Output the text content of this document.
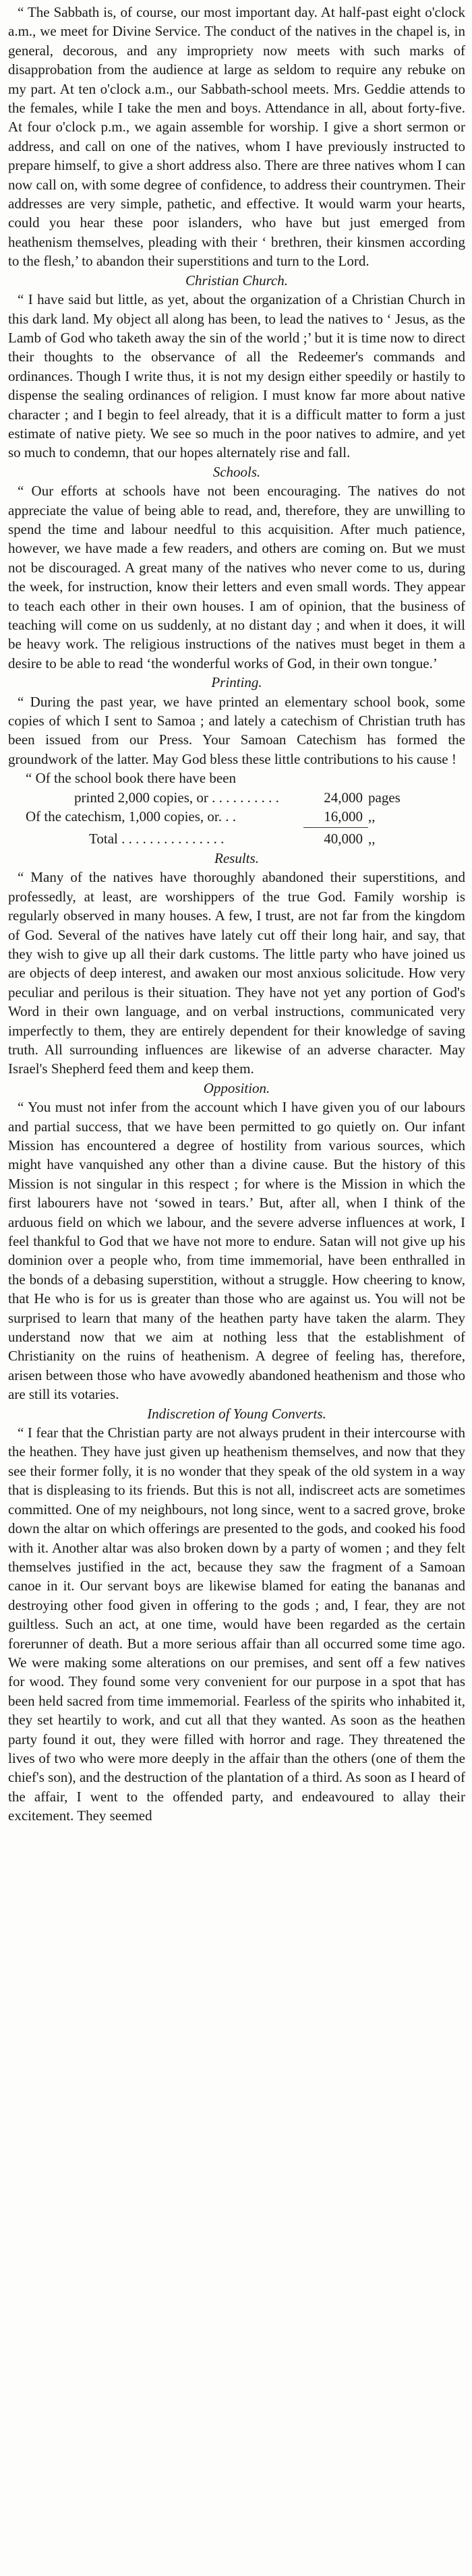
“ The Sabbath is, of course, our most important day. At half-past eight o'clock a.m., we meet for Divine Service. The conduct of the natives in the chapel is, in general, decorous, and any impropriety now meets with such marks of disapprobation from the audience at large as seldom to require any rebuke on my part. At ten o'clock a.m., our Sabbath-school meets. Mrs. Geddie attends to the females, while I take the men and boys. Attendance in all, about forty-five. At four o'clock p.m., we again assemble for worship. I give a short sermon or address, and call on one of the natives, whom I have previously instructed to prepare himself, to give a short address also. There are three natives whom I can now call on, with some degree of confidence, to address their countrymen. Their addresses are very simple, pathetic, and effective. It would warm your hearts, could you hear these poor islanders, who have but just emerged from heathenism themselves, pleading with their ‘ brethren, their kinsmen according to the flesh,’ to abandon their superstitions and turn to the Lord.

Christian Church.

“ I have said but little, as yet, about the organization of a Christian Church in this dark land. My object all along has been, to lead the natives to ‘ Jesus, as the Lamb of God who taketh away the sin of the world ;’ but it is time now to direct their thoughts to the observance of all the Redeemer's commands and ordinances. Though I write thus, it is not my design either speedily or hastily to dispense the sealing ordinances of religion. I must know far more about native character ; and I begin to feel already, that it is a difficult matter to form a just estimate of native piety. We see so much in the poor natives to admire, and yet so much to condemn, that our hopes alternately rise and fall.

Schools.

“ Our efforts at schools have not been encouraging. The natives do not appreciate the value of being able to read, and, therefore, they are unwilling to spend the time and labour needful to this acquisition. After much patience, however, we have made a few readers, and others are coming on. But we must not be discouraged. A great many of the natives who never come to us, during the week, for instruction, know their letters and even small words. They appear to teach each other in their own houses. I am of opinion, that the business of teaching will come on us suddenly, at no distant day ; and when it does, it will be heavy work. The religious instructions of the natives must beget in them a desire to be able to read ‘the wonderful works of God, in their own tongue.’

Printing.

“ During the past year, we have printed an elementary school book, some copies of which I sent to Samoa ; and lately a catechism of Christian truth has been issued from our Press. Your Samoan Catechism has formed the groundwork of the latter. May God bless these little contributions to his cause !

“ Of the school book there have been
printed 2,000 copies, or . . . . . . . . . .	24,000 pages
Of the catechism, 1,000 copies, or. . .	16,000 ,,
Total . . . . . . . . . . . . . . .	40,000 ,,

Results.

“ Many of the natives have thoroughly abandoned their superstitions, and professedly, at least, are worshippers of the true God. Family worship is regularly observed in many houses. A few, I trust, are not far from the kingdom of God. Several of the natives have lately cut off their long hair, and say, that they wish to give up all their dark customs. The little party who have joined us are objects of deep interest, and awaken our most anxious solicitude. How very peculiar and perilous is their situation. They have not yet any portion of God's Word in their own language, and on verbal instructions, communicated very imperfectly to them, they are entirely dependent for their knowledge of saving truth. All surrounding influences are likewise of an adverse character. May Israel's Shepherd feed them and keep them.

Opposition.

“ You must not infer from the account which I have given you of our labours and partial success, that we have been permitted to go quietly on. Our infant Mission has encountered a degree of hostility from various sources, which might have vanquished any other than a divine cause. But the history of this Mission is not singular in this respect ; for where is the Mission in which the first labourers have not ‘sowed in tears.’ But, after all, when I think of the arduous field on which we labour, and the severe adverse influences at work, I feel thankful to God that we have not more to endure. Satan will not give up his dominion over a people who, from time immemorial, have been enthralled in the bonds of a debasing superstition, without a struggle. How cheering to know, that He who is for us is greater than those who are against us. You will not be surprised to learn that many of the heathen party have taken the alarm. They understand now that we aim at nothing less that the establishment of Christianity on the ruins of heathenism. A degree of feeling has, therefore, arisen between those who have avowedly abandoned heathenism and those who are still its votaries.

Indiscretion of Young Converts.

“ I fear that the Christian party are not always prudent in their intercourse with the heathen. They have just given up heathenism themselves, and now that they see their former folly, it is no wonder that they speak of the old system in a way that is displeasing to its friends. But this is not all, indiscreet acts are sometimes committed. One of my neighbours, not long since, went to a sacred grove, broke down the altar on which offerings are presented to the gods, and cooked his food with it. Another altar was also broken down by a party of women ; and they felt themselves justified in the act, because they saw the fragment of a Samoan canoe in it. Our servant boys are likewise blamed for eating the bananas and destroying other food given in offering to the gods ; and, I fear, they are not guiltless. Such an act, at one time, would have been regarded as the certain forerunner of death. But a more serious affair than all occurred some time ago. We were making some alterations on our premises, and sent off a few natives for wood. They found some very convenient for our purpose in a spot that has been held sacred from time immemorial. Fearless of the spirits who inhabited it, they set heartily to work, and cut all that they wanted. As soon as the heathen party found it out, they were filled with horror and rage. They threatened the lives of two who were more deeply in the affair than the others (one of them the chief's son), and the destruction of the plantation of a third. As soon as I heard of the affair, I went to the offended party, and endeavoured to allay their excitement. They seemed
